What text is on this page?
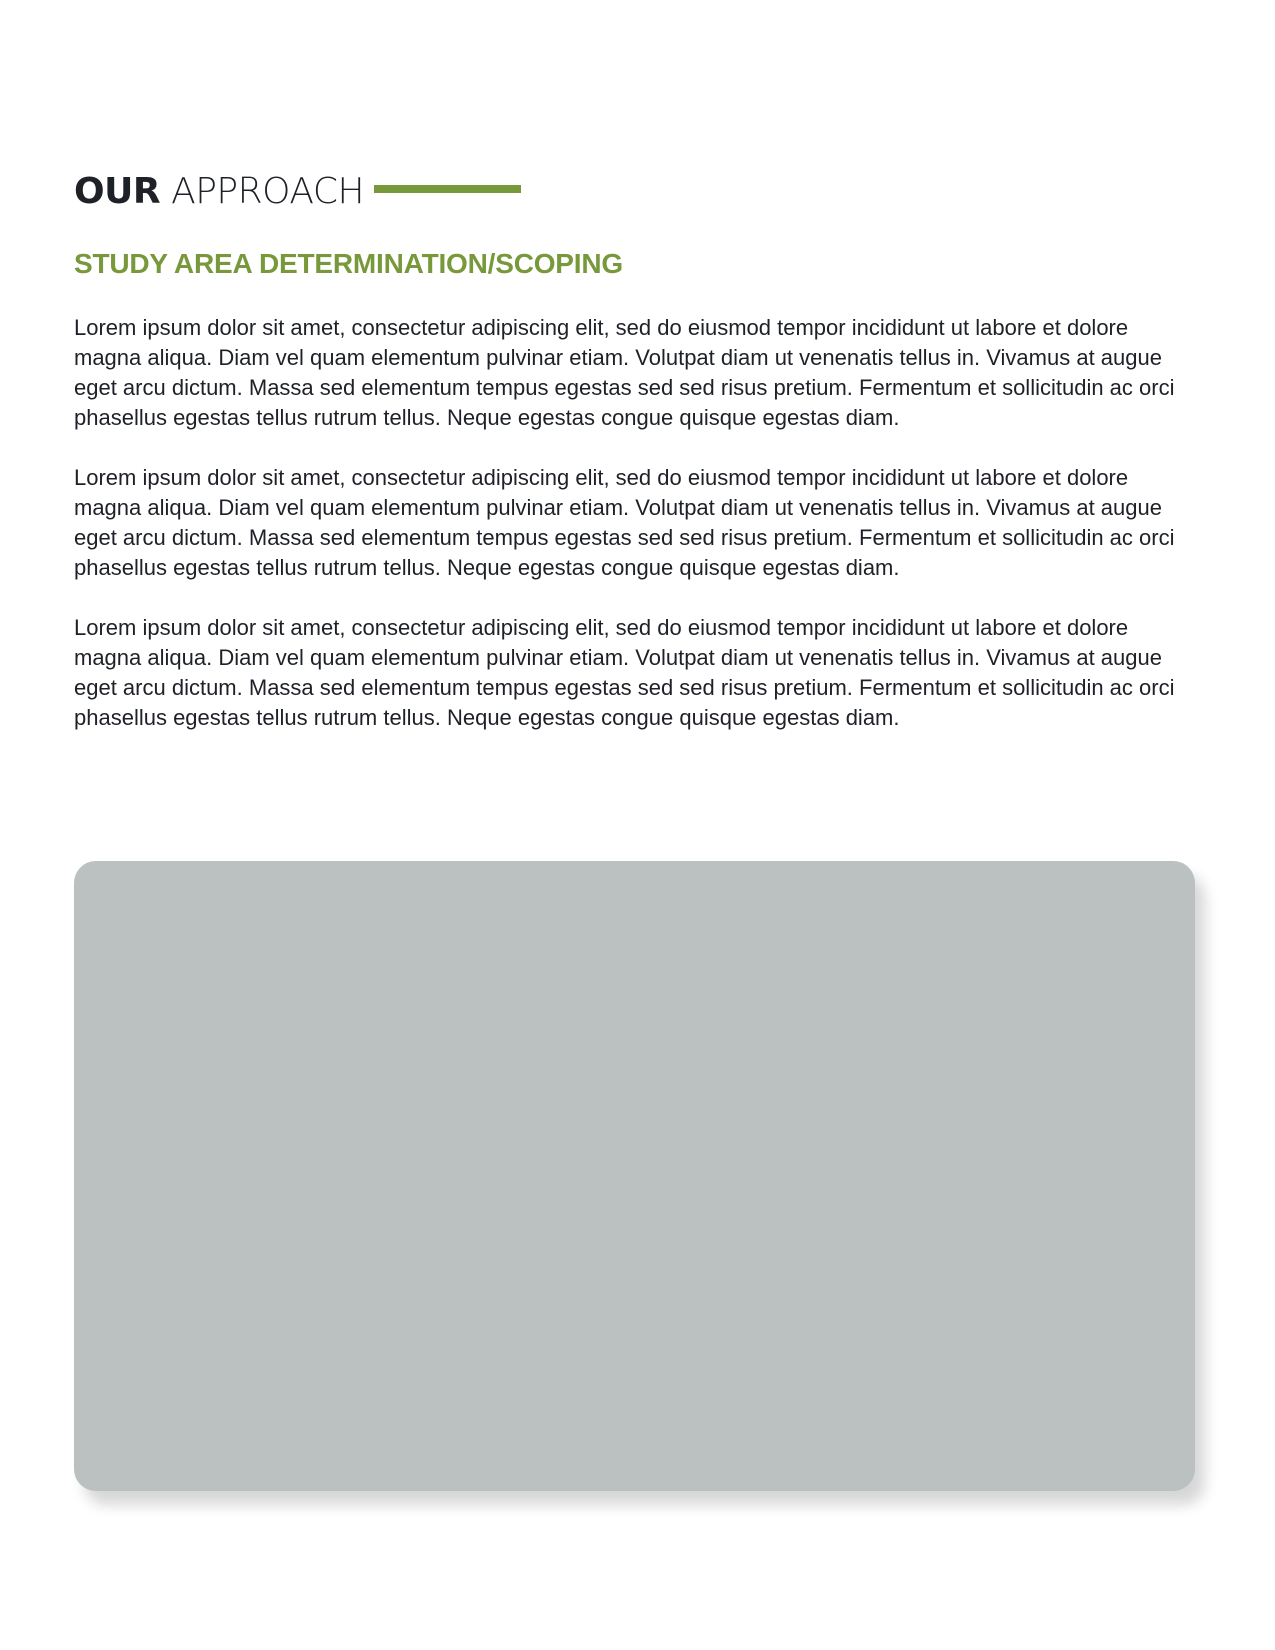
OUR APPROACH
STUDY AREA DETERMINATION/SCOPING

Lorem ipsum dolor sit amet, consectetur adipiscing elit, sed do eiusmod tempor incididunt ut labore et dolore magna aliqua. Diam vel quam elementum pulvinar etiam. Volutpat diam ut venenatis tellus in. Vivamus at augue eget arcu dictum. Massa sed elementum tempus egestas sed sed risus pretium. Fermentum et sollicitudin ac orci phasellus egestas tellus rutrum tellus. Neque egestas congue quisque egestas diam.

Lorem ipsum dolor sit amet, consectetur adipiscing elit, sed do eiusmod tempor incididunt ut labore et dolore magna aliqua. Diam vel quam elementum pulvinar etiam. Volutpat diam ut venenatis tellus in. Vivamus at augue eget arcu dictum. Massa sed elementum tempus egestas sed sed risus pretium. Fermentum et sollicitudin ac orci phasellus egestas tellus rutrum tellus. Neque egestas congue quisque egestas diam.

Lorem ipsum dolor sit amet, consectetur adipiscing elit, sed do eiusmod tempor incididunt ut labore et dolore magna aliqua. Diam vel quam elementum pulvinar etiam. Volutpat diam ut venenatis tellus in. Vivamus at augue eget arcu dictum. Massa sed elementum tempus egestas sed sed risus pretium. Fermentum et sollicitudin ac orci phasellus egestas tellus rutrum tellus. Neque egestas congue quisque egestas diam.
